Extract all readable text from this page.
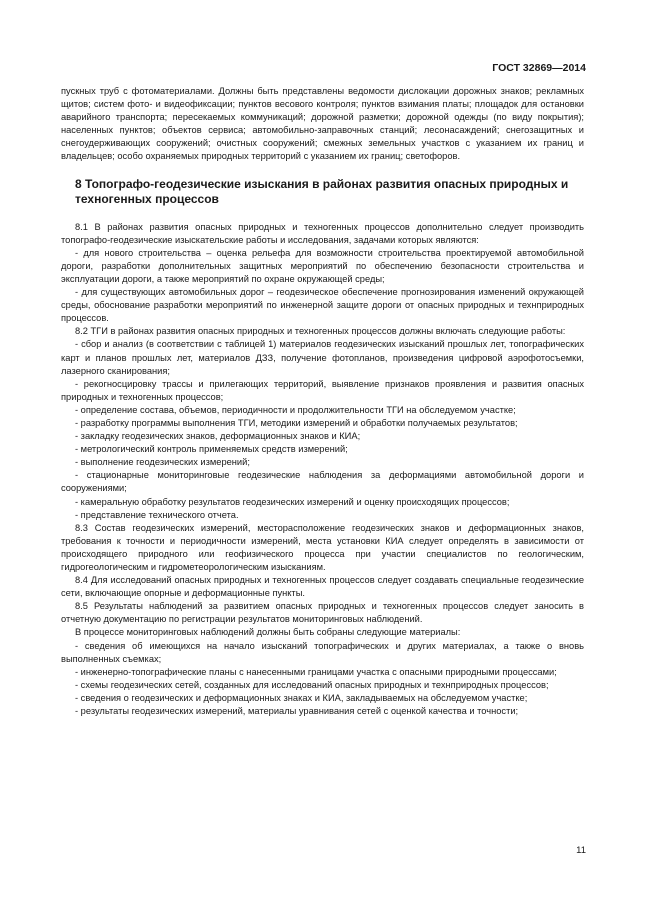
ГОСТ 32869—2014

пускных труб с фотоматериалами. Должны быть представлены ведомости дислокации дорожных знаков; рекламных щитов; систем фото- и видеофиксации; пунктов весового контроля; пунктов взимания платы; площадок для остановки аварийного транспорта; пересекаемых коммуникаций; дорожной разметки; дорожной одежды (по виду покрытия); населенных пунктов; объектов сервиса; автомобильно-заправочных станций; лесонасаждений; снегозащитных и снегоудерживающих сооружений; очистных сооружений; смежных земельных участков с указанием их границ и владельцев; особо охраняемых природных территорий с указанием их границ; светофоров.

8 Топографо-геодезические изыскания в районах развития опасных природных и техногенных процессов

8.1 В районах развития опасных природных и техногенных процессов дополнительно следует производить топографо-геодезические изыскательские работы и исследования, задачами которых являются:

- для нового строительства – оценка рельефа для возможности строительства проектируемой автомобильной дороги, разработки дополнительных защитных мероприятий по обеспечению безопасности строительства и эксплуатации дороги, а также мероприятий по охране окружающей среды;

- для существующих автомобильных дорог – геодезическое обеспечение прогнозирования изменений окружающей среды, обоснование разработки мероприятий по инженерной защите дороги от опасных природных и технприродных процессов.

8.2 ТГИ в районах развития опасных природных и техногенных процессов должны включать следующие работы:

- сбор и анализ (в соответствии с таблицей 1) материалов геодезических изысканий прошлых лет, топографических карт и планов прошлых лет, материалов ДЗЗ, получение фотопланов, произведения цифровой аэрофотосъемки, лазерного сканирования;

- рекогносцировку трассы и прилегающих территорий, выявление признаков проявления и развития опасных природных и техногенных процессов;

- определение состава, объемов, периодичности и продолжительности ТГИ на обследуемом участке;

- разработку программы выполнения ТГИ, методики измерений и обработки получаемых результатов;

- закладку геодезических знаков, деформационных знаков и КИА;

- метрологический контроль применяемых средств измерений;

- выполнение геодезических измерений;

- стационарные мониторинговые геодезические наблюдения за деформациями автомобильной дороги и сооружениями;

- камеральную обработку результатов геодезических измерений и оценку происходящих процессов;

- представление технического отчета.

8.3 Состав геодезических измерений, месторасположение геодезических знаков и деформационных знаков, требования к точности и периодичности измерений, места установки КИА следует определять в зависимости от происходящего природного или геофизического процесса при участии специалистов по геологическим, гидрогеологическим и гидрометеорологическим изысканиям.

8.4 Для исследований опасных природных и техногенных процессов следует создавать специальные геодезические сети, включающие опорные и деформационные пункты.

8.5 Результаты наблюдений за развитием опасных природных и техногенных процессов следует заносить в отчетную документацию по регистрации результатов мониторинговых наблюдений.

В процессе мониторинговых наблюдений должны быть собраны следующие материалы:

- сведения об имеющихся на начало изысканий топографических и других материалах, а также о вновь выполненных съемках;

- инженерно-топографические планы с нанесенными границами участка с опасными природными процессами;

- схемы геодезических сетей, созданных для исследований опасных природных и технприродных процессов;

- сведения о геодезических и деформационных знаках и КИА, закладываемых на обследуемом участке;

- результаты геодезических измерений, материалы уравнивания сетей с оценкой качества и точности;

11
